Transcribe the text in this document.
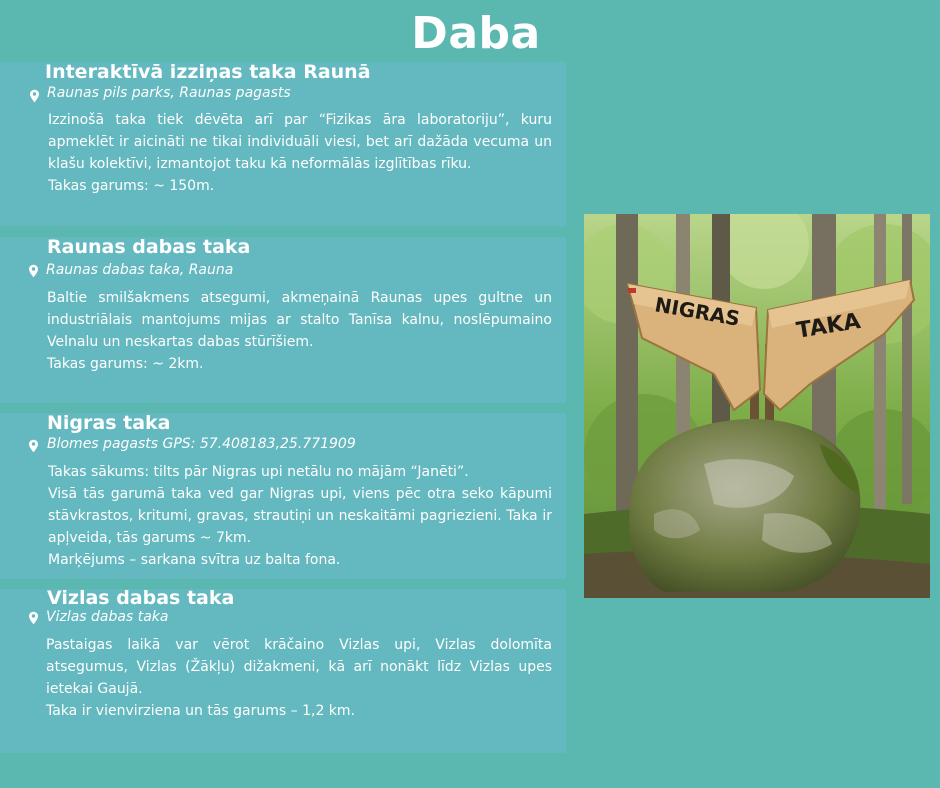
Daba
Interaktīvā izziņas taka Raunā
Raunas pils parks, Raunas pagasts

Izzinošā taka tiek dēvēta arī par “Fizikas āra laboratoriju”, kuru apmeklēt ir aicināti ne tikai individuāli viesi, bet arī dažāda vecuma un klašu kolektīvi, izmantojot taku kā neformālās izglītības rīku.

Takas garums: ~ 150m.

Raunas dabas taka
Raunas dabas taka, Rauna

Baltie smilšakmens atsegumi, akmeņainā Raunas upes gultne un industriālais mantojums mijas ar stalto Tanīsa kalnu, noslēpumaino Velnalu un neskartas dabas stūrīšiem.

Takas garums: ~ 2km.

Nigras taka
Blomes pagasts GPS: 57.408183,25.771909

Takas sākums: tilts pār Nigras upi netālu no mājām “Janēti”.

Visā tās garumā taka ved gar Nigras upi, viens pēc otra seko kāpumi stāvkrastos, kritumi, gravas, strautiņi un neskaitāmi pagriezieni. Taka ir apļveida, tās garums ~ 7km.

Marķējums – sarkana svītra uz balta fona.

Vizlas dabas taka
Vizlas dabas taka

Pastaigas laikā var vērot krāčaino Vizlas upi, Vizlas dolomīta atsegumus, Vizlas (Žākļu) dižakmeni, kā arī nonākt līdz Vizlas upes ietekai Gaujā.

Taka ir vienvirziena un tās garums – 1,2 km.

NIGRAS TAKA
